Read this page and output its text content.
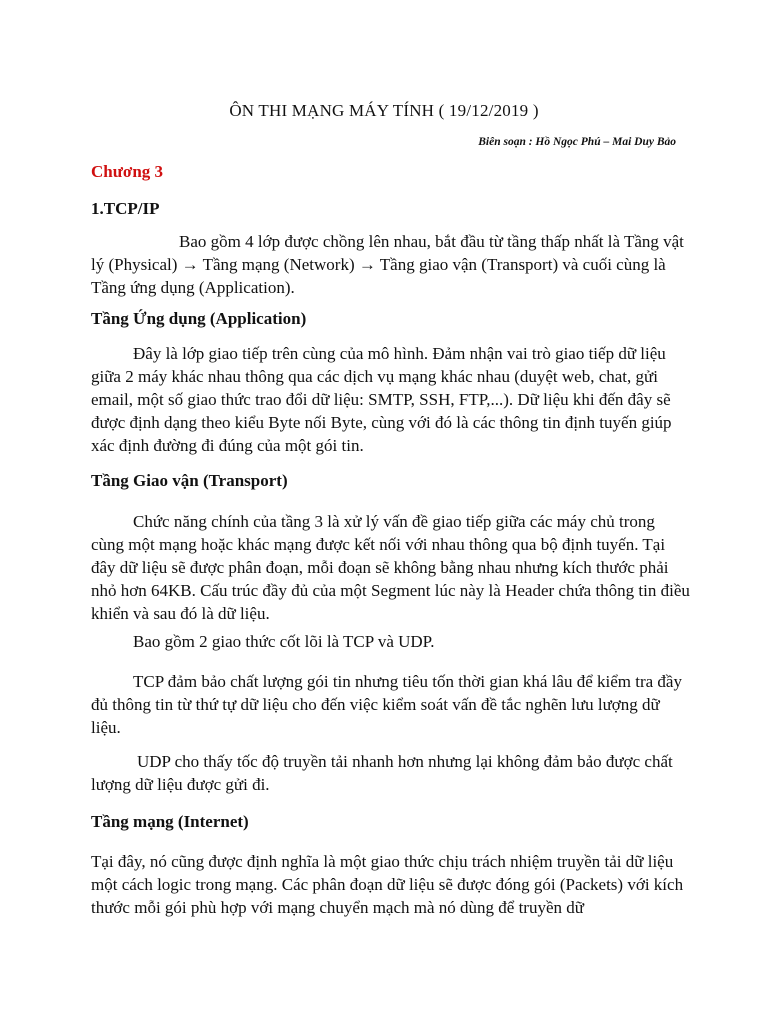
ÔN THI MẠNG MÁY TÍNH ( 19/12/2019 )
Biên soạn : Hồ Ngọc Phú – Mai Duy Bảo
Chương 3
1.TCP/IP

Bao gồm 4 lớp được chồng lên nhau, bắt đầu từ tầng thấp nhất là Tầng vật lý (Physical) → Tầng mạng (Network) → Tầng giao vận (Transport) và cuối cùng là Tầng ứng dụng (Application).

Tầng Ứng dụng (Application)

Đây là lớp giao tiếp trên cùng của mô hình. Đảm nhận vai trò giao tiếp dữ liệu giữa 2 máy khác nhau thông qua các dịch vụ mạng khác nhau (duyệt web, chat, gửi email, một số giao thức trao đổi dữ liệu: SMTP, SSH, FTP,...). Dữ liệu khi đến đây sẽ được định dạng theo kiểu Byte nối Byte, cùng với đó là các thông tin định tuyến giúp xác định đường đi đúng của một gói tin.

Tầng Giao vận (Transport)

Chức năng chính của tầng 3 là xử lý vấn đề giao tiếp giữa các máy chủ trong cùng một mạng hoặc khác mạng được kết nối với nhau thông qua bộ định tuyến. Tại đây dữ liệu sẽ được phân đoạn, mỗi đoạn sẽ không bằng nhau nhưng kích thước phải nhỏ hơn 64KB. Cấu trúc đầy đủ của một Segment lúc này là Header chứa thông tin điều khiển và sau đó là dữ liệu.

Bao gồm 2 giao thức cốt lõi là TCP và UDP.

TCP đảm bảo chất lượng gói tin nhưng tiêu tốn thời gian khá lâu để kiểm tra đầy đủ thông tin từ thứ tự dữ liệu cho đến việc kiểm soát vấn đề tắc nghẽn lưu lượng dữ liệu.

UDP cho thấy tốc độ truyền tải nhanh hơn nhưng lại không đảm bảo được chất lượng dữ liệu được gửi đi.

Tầng mạng (Internet)

Tại đây, nó cũng được định nghĩa là một giao thức chịu trách nhiệm truyền tải dữ liệu một cách logic trong mạng. Các phân đoạn dữ liệu sẽ được đóng gói (Packets) với kích thước mỗi gói phù hợp với mạng chuyển mạch mà nó dùng để truyền dữ
